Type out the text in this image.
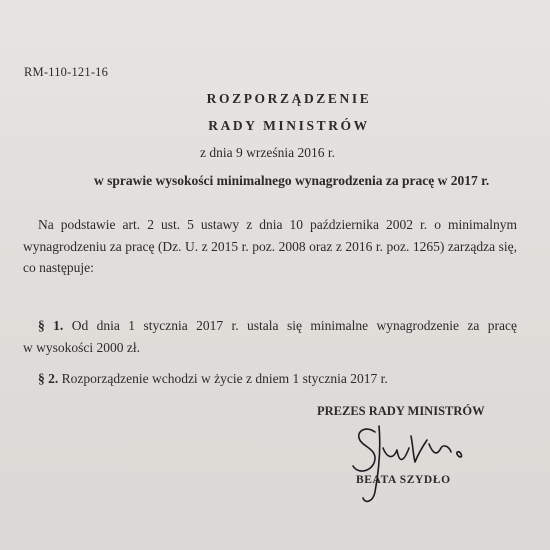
RM-110-121-16
ROZPORZĄDZENIE
RADY MINISTRÓW
z dnia 9 września 2016 r.
w sprawie wysokości minimalnego wynagrodzenia za pracę w 2017 r.
Na podstawie art. 2 ust. 5 ustawy z dnia 10 października 2002 r. o minimalnym
wynagrodzeniu za pracę (Dz. U. z 2015 r. poz. 2008 oraz z 2016 r. poz. 1265) zarządza się,
co następuje:
§ 1. Od dnia 1 stycznia 2017 r. ustala się minimalne wynagrodzenie za pracę
w wysokości 2000 zł.
§ 2. Rozporządzenie wchodzi w życie z dniem 1 stycznia 2017 r.
PREZES RADY MINISTRÓW
BEATA SZYDŁO
